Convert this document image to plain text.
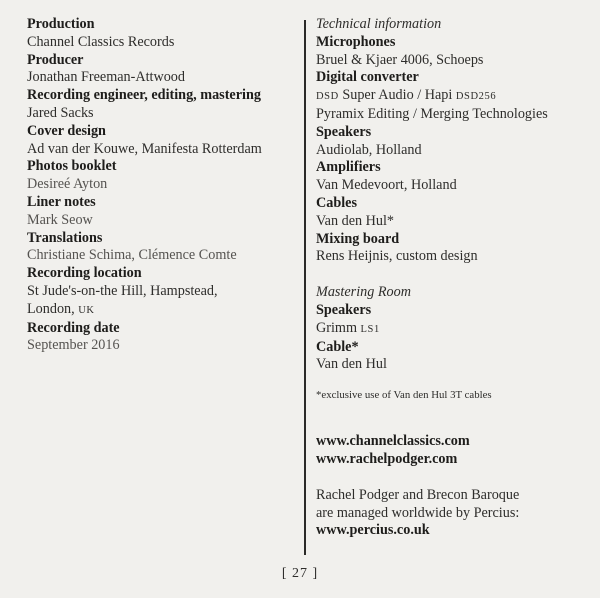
Production
Channel Classics Records
Producer
Jonathan Freeman-Attwood
Recording engineer, editing, mastering
Jared Sacks
Cover design
Ad van der Kouwe, Manifesta Rotterdam
Photos booklet
Desireé Ayton
Liner notes
Mark Seow
Translations
Christiane Schima, Clémence Comte
Recording location
St Jude's-on-the Hill, Hampstead,
London, UK
Recording date
September 2016
Technical information
Microphones
Bruel & Kjaer 4006, Schoeps
Digital converter
DSD Super Audio / Hapi DSD256
Pyramix Editing / Merging Technologies
Speakers
Audiolab, Holland
Amplifiers
Van Medevoort, Holland
Cables
Van den Hul*
Mixing board
Rens Heijnis, custom design
Mastering Room
Speakers
Grimm LS1
Cable*
Van den Hul
*exclusive use of Van den Hul 3T cables
www.channelclassics.com
www.rachelpodger.com
Rachel Podger and Brecon Baroque
are managed worldwide by Percius:
www.percius.co.uk
[ 27 ]
